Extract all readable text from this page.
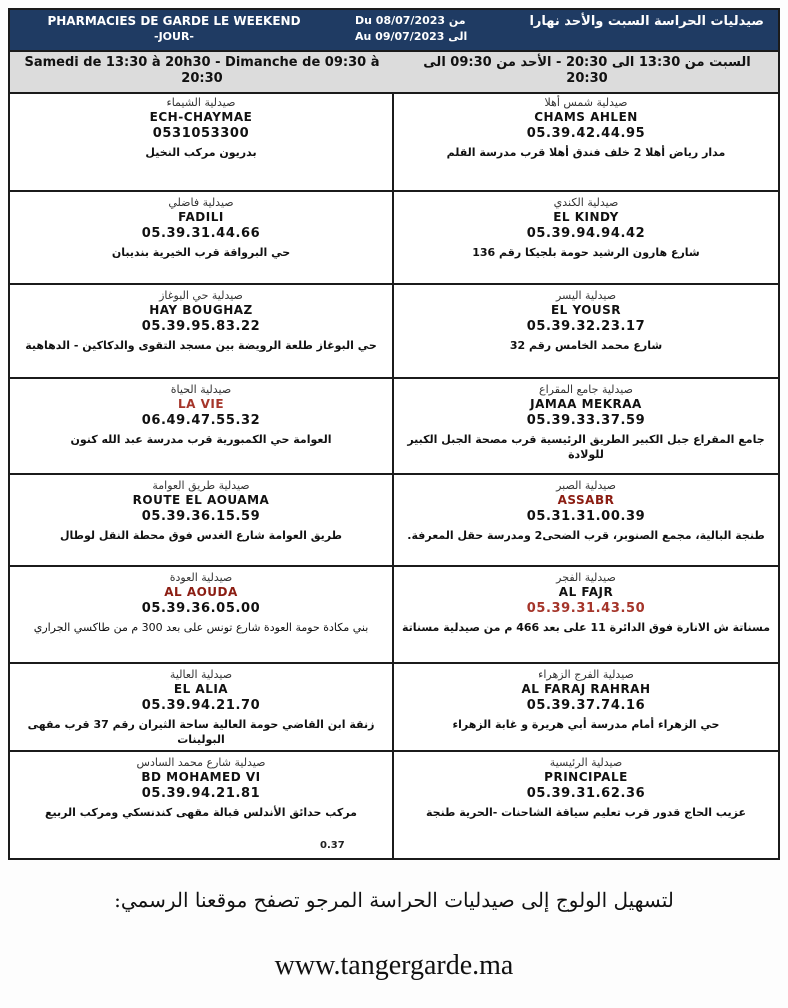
PHARMACIES DE GARDE LE WEEKEND
-JOUR-
Du 08/07/2023 من
Au 09/07/2023 الى
صيدليات الحراسة السبت والأحد نهارا
Samedi de 13:30 à 20h30 - Dimanche de 09:30 à 20:30
السبت من 13:30 الى 20:30 - الأحد من 09:30 الى 20:30
صيدلية الشيماء
ECH-CHAYMAE
0531053300
بدريون مركب النخيل
صيدلية شمس أهلا
CHAMS AHLEN
05.39.42.44.95
مدار رياض أهلا 2 خلف فندق أهلا قرب مدرسة القلم
صيدلية فاضلي
FADILI
05.39.31.44.66
حي البرواقة قرب الخيرية بنديبان
صيدلية الكندي
EL KINDY
05.39.94.94.42
شارع هارون الرشيد حومة بلجيكا رقم 136
صيدلية حي البوغاز
HAY BOUGHAZ
05.39.95.83.22
حي البوغاز طلعة الرويضة بين مسجد التقوى والدكاكين - الدهاهية
صيدلية اليسر
EL YOUSR
05.39.32.23.17
شارع محمد الخامس رقم 32
صيدلية الحياة
LA VIE
06.49.47.55.32
العوامة حي الكمبورية قرب مدرسة عبد الله كنون
صيدلية جامع المقراع
JAMAA MEKRAA
05.39.33.37.59
جامع المقراع جبل الكبير الطريق الرئيسية قرب مصحة الجبل الكبير للولادة
صيدلية طريق العوامة
ROUTE EL AOUAMA
05.39.36.15.59
طريق العوامة شارع الغدس فوق محطة النقل لوطال
صيدلية الصبر
ASSABR
05.31.31.00.39
طنجة البالية، مجمع الصنوبر، قرب الضحى2 ومدرسة حقل المعرفة.
صيدلية العودة
AL AOUDA
05.39.36.05.00
بني مكادة حومة العودة شارع تونس على بعد 300 م من طاكسي الجراري
صيدلية الفجر
AL FAJR
05.39.31.43.50
مسناتة ش الانارة فوق الدائرة 11 على بعد 466 م من صيدلية مسناتة
صيدلية العالية
EL ALIA
05.39.94.21.70
زنقة ابن القاضي حومة العالية ساحة الثيران رقم 37 قرب مقهى البولينات
صيدلية الفرج الزهراء
AL FARAJ RAHRAH
05.39.37.74.16
حي الزهراء أمام مدرسة أبي هريرة و غابة الزهراء
صيدلية شارع محمد السادس
BD MOHAMED VI
05.39.94.21.81
مركب حدائق الأندلس قبالة مقهى كندنسكي ومركب الربيع
صيدلية الرئيسية
PRINCIPALE
05.39.31.62.36
عزيب الحاج قدور قرب تعليم سياقة الشاحنات -الحرية طنجة
0.37
لتسهيل الولوج إلى صيدليات الحراسة المرجو تصفح موقعنا الرسمي:
www.tangergarde.ma
